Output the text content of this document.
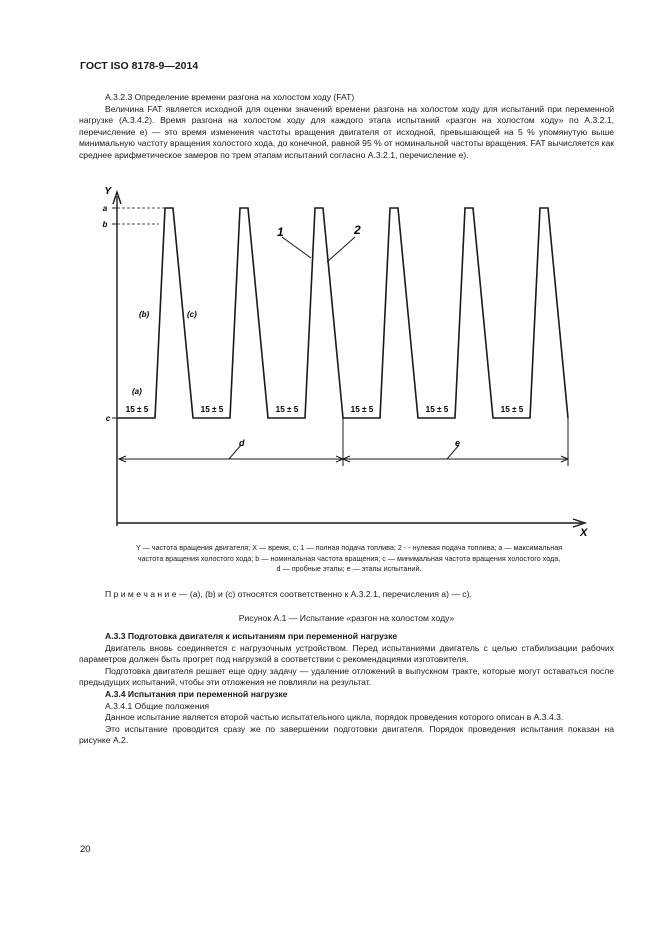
ГОСТ ISO 8178-9—2014

А.3.2.3 Определение времени разгона на холостом ходу (FAT)

Величина FAT является исходной для оценки значений времени разгона на холостом ходу для испытаний при переменной нагрузке (А.3.4.2). Время разгона на холостом ходу для каждого этапа испытаний «разгон на холостом ходу» по А.3.2.1, перечисление е) — это время изменения частоты вращения двигателя от исходной, превышающей на 5 % упомянутую выше минимальную частоту вращения холостого хода, до конечной, равной 95 % от номинальной частоты вращения. FAT вычисляется как среднее арифметическое замеров по трем этапам испытаний согласно А.3.2.1, перечисление е).

Y
X
a
b
c
1	2
(b)	(c)
(a)
15 ± 5	15 ± 5	15 ± 5	15 ± 5	15 ± 5	15 ± 5
d	e
Y — частота вращения двигателя; X — время, с; 1 — полная подача топлива; 2 - - нулевая подача топлива; a — максимальная
частота вращения холостого хода; b — номинальная частота вращения; c — минимальная частота вращения холостого хода,
d — пробные этапы; e — этапы испытаний.
П р и м е ч а н и е — (a), (b) и (c) относятся соответственно к А.3.2.1, перечисления а) — с).
Рисунок А.1 — Испытание «разгон на холостом ходу»

А.3.3 Подготовка двигателя к испытаниям при переменной нагрузке

Двигатель вновь соединяется с нагрузочным устройством. Перед испытаниями двигатель с целью стабилизации рабочих параметров должен быть прогрет под нагрузкой в соответствии с рекомендациями изготовителя.

Подготовка двигателя решает еще одну задачу — удаление отложений в выпускном тракте, которые могут оставаться после предыдущих испытаний, чтобы эти отложения не повлияли на результат.

А.3.4 Испытания при переменной нагрузке

А.3.4.1 Общие положения

Данное испытание является второй частью испытательного цикла, порядок проведения которого описан в А.3.4.3.

Это испытание проводится сразу же по завершении подготовки двигателя. Порядок проведения испытания показан на рисунке А.2.

20
